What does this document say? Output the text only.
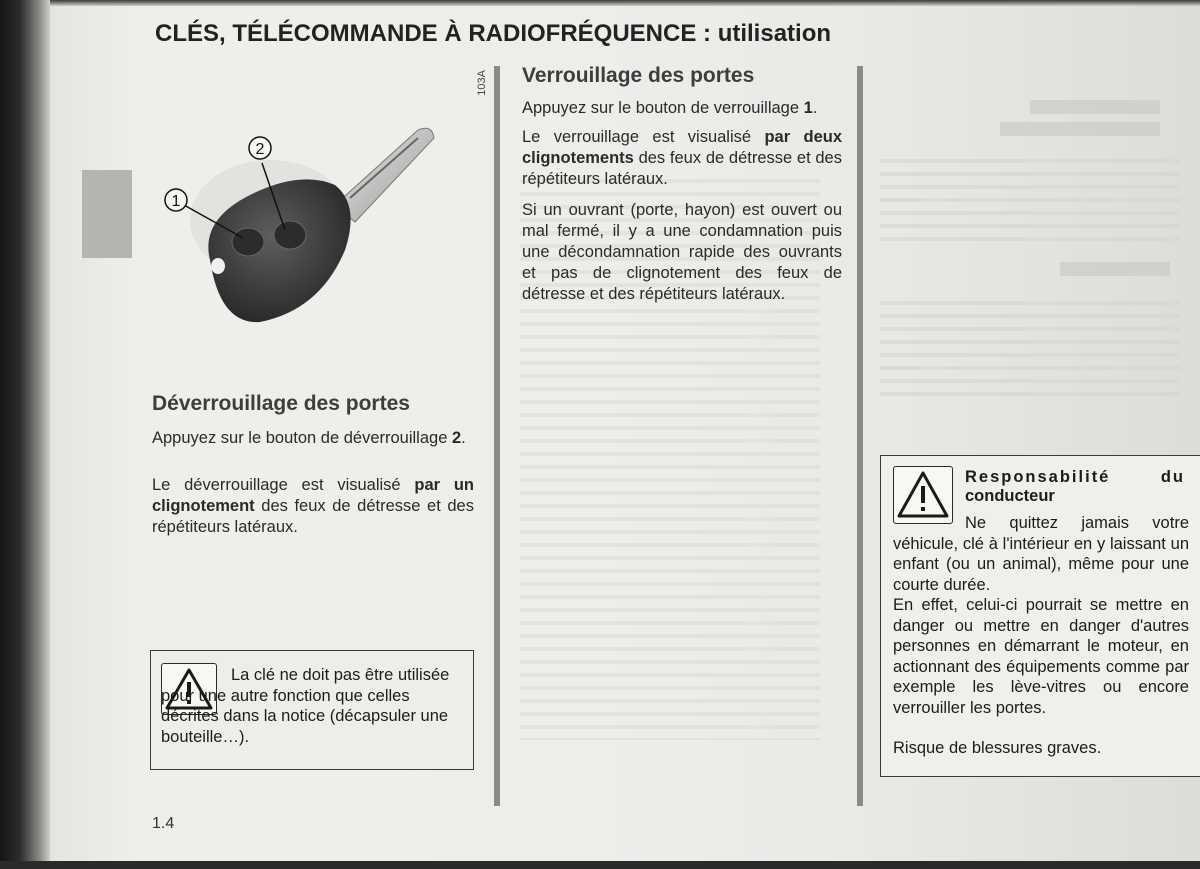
CLÉS, TÉLÉCOMMANDE À RADIOFRÉQUENCE : utilisation
103A
1
2
Déverrouillage des portes
Appuyez sur le bouton de déverrouillage 2.
Le déverrouillage est visualisé par un clignotement des feux de détresse et des répétiteurs latéraux.
La clé ne doit pas être utilisée pour une autre fonction que celles décrites dans la notice (décapsuler une bouteille…).
1.4
Verrouillage des portes
Appuyez sur le bouton de verrouillage 1.
Le verrouillage est visualisé par deux clignotements des feux de détresse et des répétiteurs latéraux.
Si un ouvrant (porte, hayon) est ouvert ou mal fermé, il y a une condamnation puis une décondamnation rapide des ouvrants et pas de clignotement des feux de détresse et des répétiteurs latéraux.
Responsabilité	du
conducteur
Ne quittez jamais votre véhicule, clé à l'intérieur en y laissant un enfant (ou un animal), même pour une courte durée.
En effet, celui-ci pourrait se mettre en danger ou mettre en danger d'autres personnes en démarrant le moteur, en actionnant des équipements comme par exemple les lève-vitres ou encore verrouiller les portes.
Risque de blessures graves.
